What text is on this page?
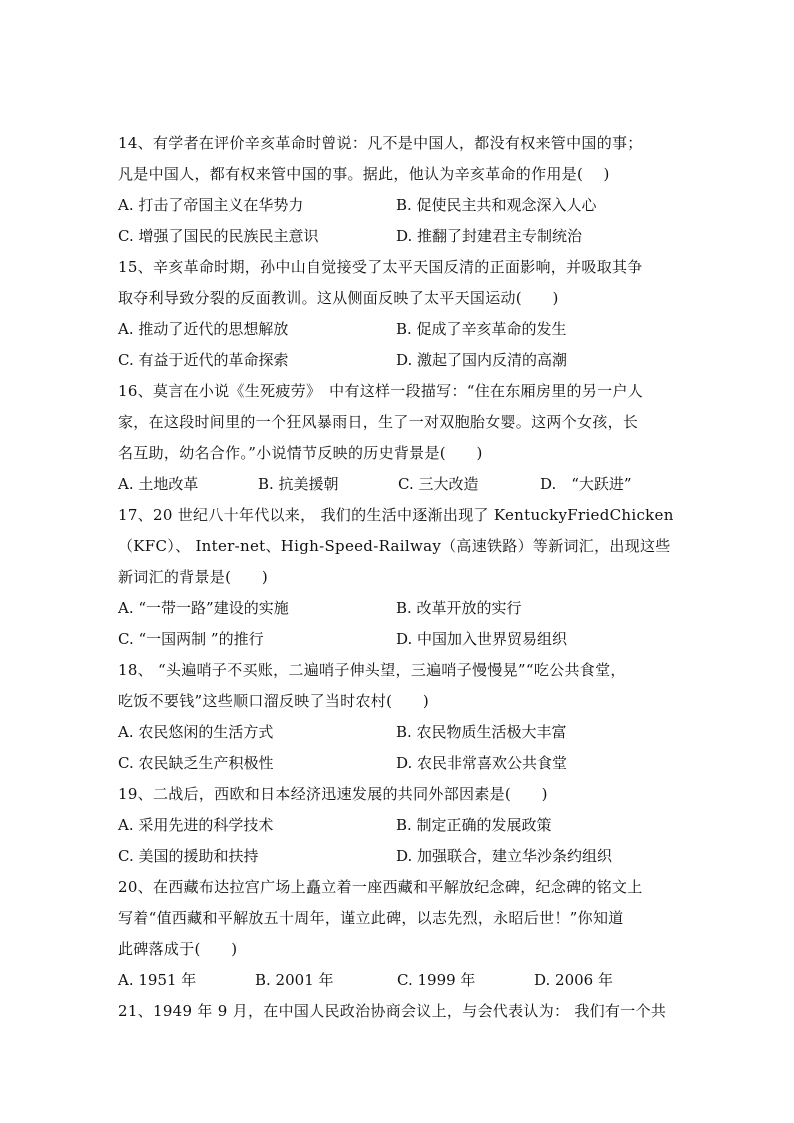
14、有学者在评价辛亥革命时曾说：凡不是中国人，都没有权来管中国的事；
凡是中国人，都有权来管中国的事。据此，他认为辛亥革命的作用是(　 )
A. 打击了帝国主义在华势力	B. 促使民主共和观念深入人心
C. 增强了国民的民族民主意识	D. 推翻了封建君主专制统治
15、辛亥革命时期，孙中山自觉接受了太平天国反清的正面影响，并吸取其争
取夺利导致分裂的反面教训。这从侧面反映了太平天国运动(　　)
A. 推动了近代的思想解放	B. 促成了辛亥革命的发生
C. 有益于近代的革命探索	D. 激起了国内反清的高潮
16、莫言在小说《生死疲劳》　中有这样一段描写：“住在东厢房里的另一户人
家，在这段时间里的一个狂风暴雨日，生了一对双胞胎女婴。这两个女孩，长
名互助，幼名合作。”小说情节反映的历史背景是(　　)
A. 土地改革	B. 抗美援朝	C. 三大改造	D.　“大跃进”
17、20 世纪八十年代以来， 我们的生活中逐渐出现了 KentuckyFriedChicken
（KFC）、 Inter-net、High-Speed-Railway（高速铁路）等新词汇，出现这些
新词汇的背景是(　　)
A. “一带一路”建设的实施	B. 改革开放的实行
C. “一国两制 ”的推行	D. 中国加入世界贸易组织
18、 “头遍哨子不买账，二遍哨子伸头望，三遍哨子慢慢晃”“吃公共食堂，
吃饭不要钱”这些顺口溜反映了当时农村(　　)
A. 农民悠闲的生活方式	B. 农民物质生活极大丰富
C. 农民缺乏生产积极性	D. 农民非常喜欢公共食堂
19、二战后，西欧和日本经济迅速发展的共同外部因素是(　　)
A. 采用先进的科学技术	B. 制定正确的发展政策
C. 美国的援助和扶持	D. 加强联合，建立华沙条约组织
20、在西藏布达拉宫广场上矗立着一座西藏和平解放纪念碑，纪念碑的铭文上
写着“值西藏和平解放五十周年，谨立此碑，以志先烈，永昭后世！”你知道
此碑落成于(　　)
A. 1951 年	B. 2001 年	C. 1999 年	D. 2006 年
21、1949 年 9 月，在中国人民政治协商会议上，与会代表认为： 我们有一个共
